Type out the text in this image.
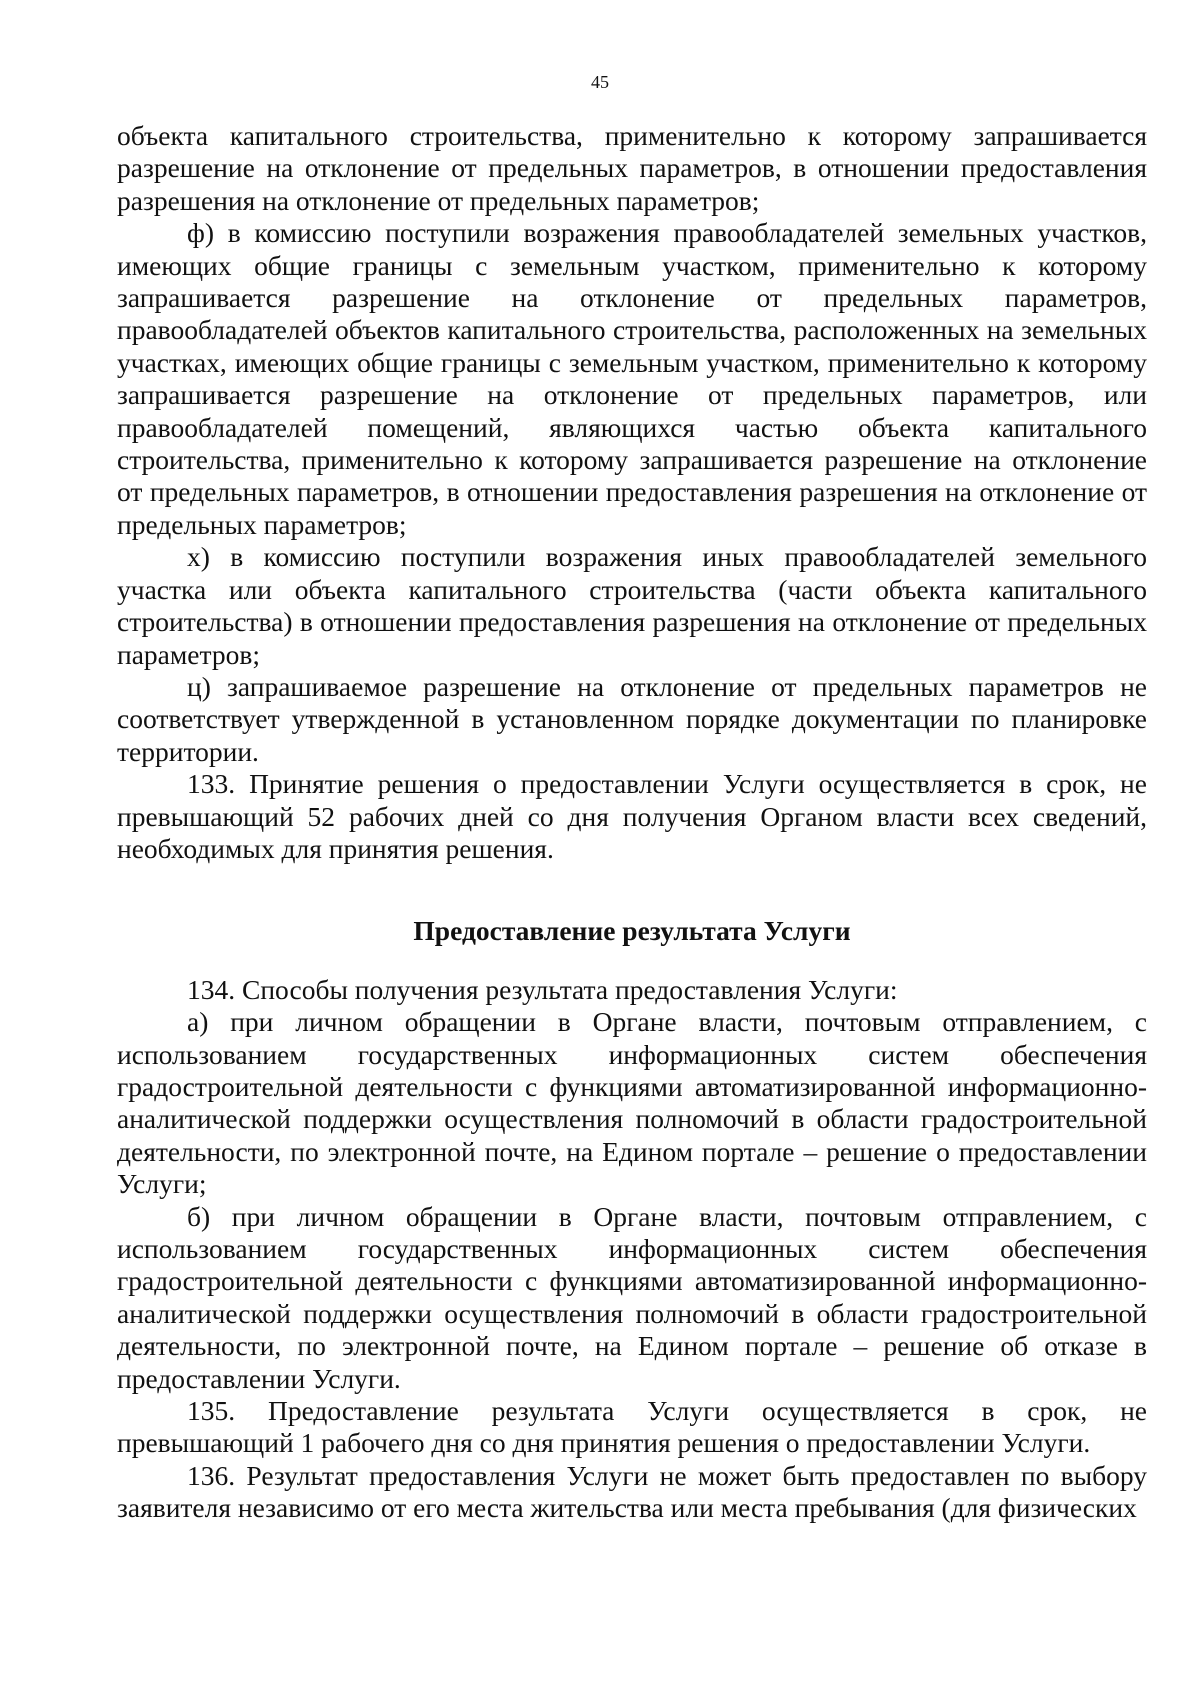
45

объекта капитального строительства, применительно к которому запрашивается разрешение на отклонение от предельных параметров, в отношении предоставления разрешения на отклонение от предельных параметров;

ф) в комиссию поступили возражения правообладателей земельных участков, имеющих общие границы с земельным участком, применительно к которому запрашивается разрешение на отклонение от предельных параметров, правообладателей объектов капитального строительства, расположенных на земельных участках, имеющих общие границы с земельным участком, применительно к которому запрашивается разрешение на отклонение от предельных параметров, или правообладателей помещений, являющихся частью объекта капитального строительства, применительно к которому запрашивается разрешение на отклонение от предельных параметров, в отношении предоставления разрешения на отклонение от предельных параметров;

х) в комиссию поступили возражения иных правообладателей земельного участка или объекта капитального строительства (части объекта капитального строительства) в отношении предоставления разрешения на отклонение от предельных параметров;

ц) запрашиваемое разрешение на отклонение от предельных параметров не соответствует утвержденной в установленном порядке документации по планировке территории.

133. Принятие решения о предоставлении Услуги осуществляется в срок, не превышающий 52 рабочих дней со дня получения Органом власти всех сведений, необходимых для принятия решения.

Предоставление результата Услуги

134. Способы получения результата предоставления Услуги:

а) при личном обращении в Органе власти, почтовым отправлением, с использованием государственных информационных систем обеспечения градостроительной деятельности с функциями автоматизированной информационно-аналитической поддержки осуществления полномочий в области градостроительной деятельности, по электронной почте, на Едином портале – решение о предоставлении Услуги;

б) при личном обращении в Органе власти, почтовым отправлением, с использованием государственных информационных систем обеспечения градостроительной деятельности с функциями автоматизированной информационно-аналитической поддержки осуществления полномочий в области градостроительной деятельности, по электронной почте, на Едином портале – решение об отказе в предоставлении Услуги.

135. Предоставление результата Услуги осуществляется в срок, не превышающий 1 рабочего дня со дня принятия решения о предоставлении Услуги.

136. Результат предоставления Услуги не может быть предоставлен по выбору заявителя независимо от его места жительства или места пребывания (для физических
